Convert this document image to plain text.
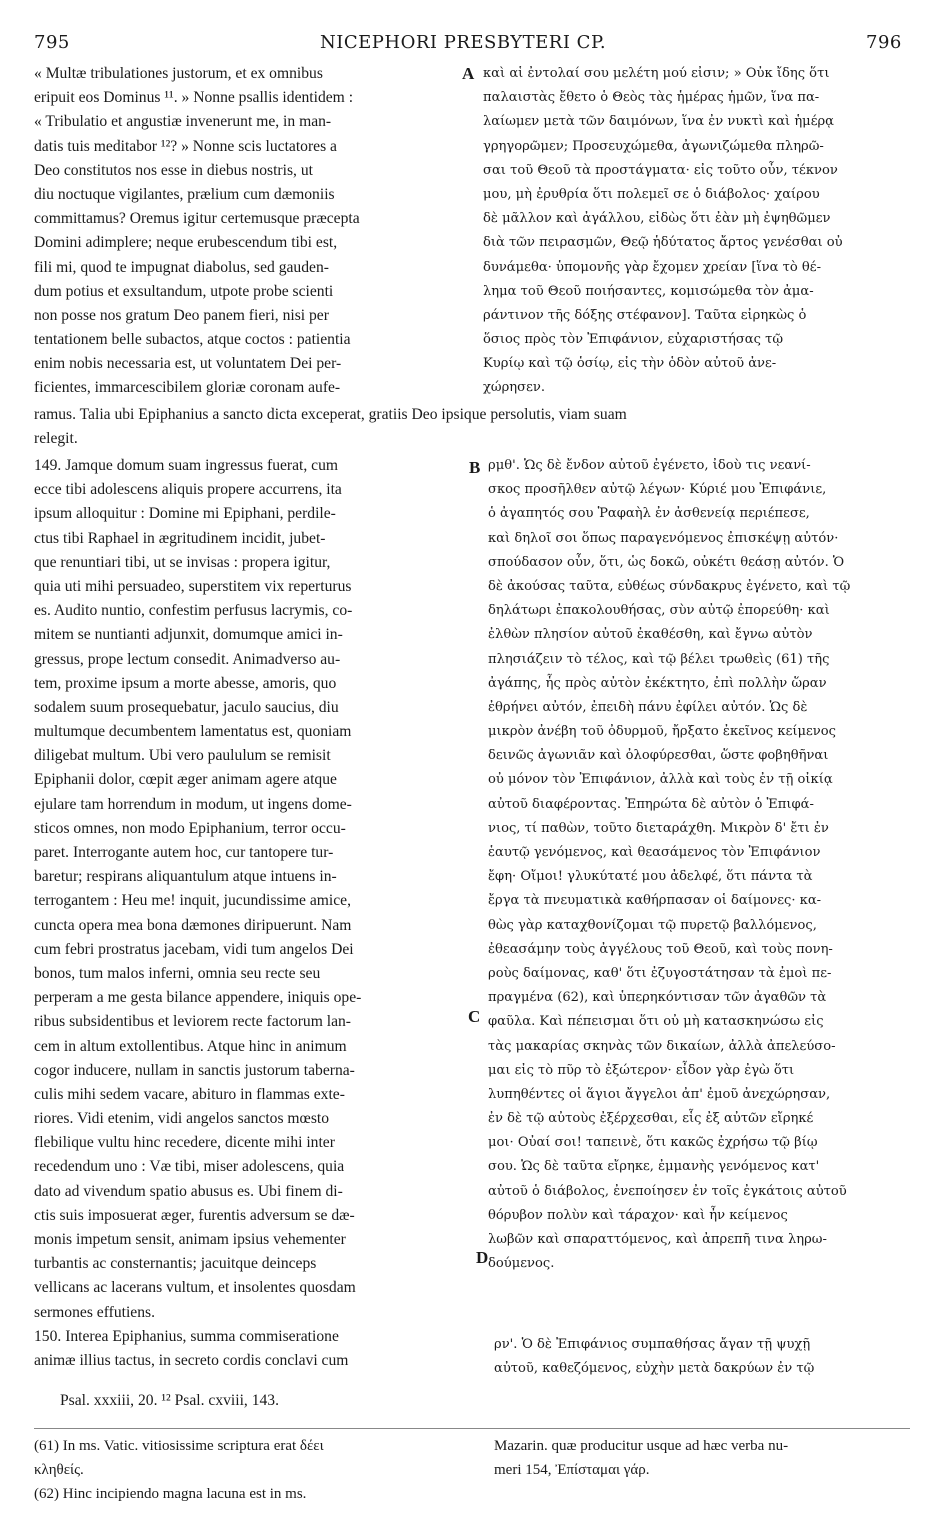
795	NICEPHORI PRESBYTERI CP.	796
A
B
C
D
« Multæ tribulationes justorum, et ex omnibus
eripuit eos Dominus ¹¹. » Nonne psallis identidem :
« Tribulatio et angustiæ invenerunt me, in man-
datis tuis meditabor ¹²? » Nonne scis luctatores a
Deo constitutos nos esse in diebus nostris, ut
diu noctuque vigilantes, prælium cum dæmoniis
committamus? Oremus igitur certemusque præcepta
Domini adimplere; neque erubescendum tibi est,
fili mi, quod te impugnat diabolus, sed gauden-
dum potius et exsultandum, utpote probe scienti
non posse nos gratum Deo panem fieri, nisi per
tentationem belle subactos, atque coctos : patientia
enim nobis necessaria est, ut voluntatem Dei per-
ficientes, immarcescibilem gloriæ coronam aufe-
καὶ αἱ ἐντολαί σου μελέτη μού εἰσιν; » Οὐκ ἴδης ὅτι
παλαιστὰς ἔθετο ὁ Θεὸς τὰς ἡμέρας ἡμῶν, ἵνα πα-
λαίωμεν μετὰ τῶν δαιμόνων, ἵνα ἐν νυκτὶ καὶ ἡμέρᾳ
γρηγορῶμεν; Προσευχώμεθα, ἀγωνιζώμεθα πληρῶ-
σαι τοῦ Θεοῦ τὰ προστάγματα· εἰς τοῦτο οὖν, τέκνον
μου, μὴ ἐρυθρία ὅτι πολεμεῖ σε ὁ διάβολος· χαίρου
δὲ μᾶλλον καὶ ἀγάλλου, εἰδὼς ὅτι ἐὰν μὴ ἐψηθῶμεν
διὰ τῶν πειρασμῶν, Θεῷ ἡδύτατος ἄρτος γενέσθαι οὐ
δυνάμεθα· ὑπομονῆς γὰρ ἔχομεν χρείαν [ἵνα τὸ θέ-
λημα τοῦ Θεοῦ ποιήσαντες, κομισώμεθα τὸν ἀμα-
ράντινον τῆς δόξης στέφανον]. Ταῦτα εἰρηκὼς ὁ
ὅσιος πρὸς τὸν Ἐπιφάνιον, εὐχαριστήσας τῷ
Κυρίῳ καὶ τῷ ὁσίῳ, εἰς τὴν ὁδὸν αὐτοῦ ἀνε-
χώρησεν.
ramus. Talia ubi Epiphanius a sancto dicta exceperat, gratiis Deo ipsique persolutis, viam suam
relegit.
149. Jamque domum suam ingressus fuerat, cum
ecce tibi adolescens aliquis propere accurrens, ita
ipsum alloquitur : Domine mi Epiphani, perdile-
ctus tibi Raphael in ægritudinem incidit, jubet-
que renuntiari tibi, ut se invisas : propera igitur,
quia uti mihi persuadeo, superstitem vix reperturus
es. Audito nuntio, confestim perfusus lacrymis, co-
mitem se nuntianti adjunxit, domumque amici in-
gressus, prope lectum consedit. Animadverso au-
tem, proxime ipsum a morte abesse, amoris, quo
sodalem suum prosequebatur, jaculo saucius, diu
multumque decumbentem lamentatus est, quoniam
diligebat multum. Ubi vero paululum se remisit
Epiphanii dolor, cœpit æger animam agere atque
ejulare tam horrendum in modum, ut ingens dome-
sticos omnes, non modo Epiphanium, terror occu-
paret. Interrogante autem hoc, cur tantopere tur-
baretur; respirans aliquantulum atque intuens in-
terrogantem : Heu me! inquit, jucundissime amice,
cuncta opera mea bona dæmones diripuerunt. Nam
cum febri prostratus jacebam, vidi tum angelos Dei
bonos, tum malos inferni, omnia seu recte seu
perperam a me gesta bilance appendere, iniquis ope-
ribus subsidentibus et leviorem recte factorum lan-
cem in altum extollentibus. Atque hinc in animum
cogor inducere, nullam in sanctis justorum taberna-
culis mihi sedem vacare, abituro in flammas exte-
riores. Vidi etenim, vidi angelos sanctos mœsto
flebilique vultu hinc recedere, dicente mihi inter
recedendum uno : Væ tibi, miser adolescens, quia
dato ad vivendum spatio abusus es. Ubi finem di-
ctis suis imposuerat æger, furentis adversum se dæ-
monis impetum sensit, animam ipsius vehementer
turbantis ac consternantis; jacuitque deinceps
vellicans ac lacerans vultum, et insolentes quosdam
sermones effutiens.
150. Interea Epiphanius, summa commiseratione
animæ illius tactus, in secreto cordis conclavi cum
ρμθ'. Ὡς δὲ ἔνδον αὐτοῦ ἐγένετο, ἰδοὺ τις νεανί-
σκος προσῆλθεν αὐτῷ λέγων· Κύριέ μου Ἐπιφάνιε,
ὁ ἀγαπητός σου Ῥαφαὴλ ἐν ἀσθενείᾳ περιέπεσε,
καὶ δηλοῖ σοι ὅπως παραγενόμενος ἐπισκέψῃ αὐτόν·
σπούδασον οὖν, ὅτι, ὡς δοκῶ, οὐκέτι θεάσῃ αὐτόν. Ὁ
δὲ ἀκούσας ταῦτα, εὐθέως σύνδακρυς ἐγένετο, καὶ τῷ
δηλάτωρι ἐπακολουθήσας, σὺν αὐτῷ ἐπορεύθη· καὶ
ἐλθὼν πλησίον αὐτοῦ ἐκαθέσθη, καὶ ἔγνω αὐτὸν
πλησιάζειν τὸ τέλος, καὶ τῷ βέλει τρωθεὶς (61) τῆς
ἀγάπης, ἧς πρὸς αὐτὸν ἐκέκτητο, ἐπὶ πολλὴν ὥραν
ἐθρήνει αὐτόν, ἐπειδὴ πάνυ ἐφίλει αὐτόν. Ὡς δὲ
μικρὸν ἀνέβη τοῦ ὀδυρμοῦ, ἤρξατο ἐκεῖνος κείμενος
δεινῶς ἀγωνιᾶν καὶ ὀλοφύρεσθαι, ὥστε φοβηθῆναι
οὐ μόνον τὸν Ἐπιφάνιον, ἀλλὰ καὶ τοὺς ἐν τῇ οἰκίᾳ
αὐτοῦ διαφέροντας. Ἐπηρώτα δὲ αὐτὸν ὁ Ἐπιφά-
νιος, τί παθὼν, τοῦτο διεταράχθη. Μικρὸν δ' ἔτι ἐν
ἑαυτῷ γενόμενος, καὶ θεασάμενος τὸν Ἐπιφάνιον
ἔφη· Οἴμοι! γλυκύτατέ μου ἀδελφέ, ὅτι πάντα τὰ
ἔργα τὰ πνευματικὰ καθήρπασαν οἱ δαίμονες· κα-
θὼς γὰρ καταχθονίζομαι τῷ πυρετῷ βαλλόμενος,
ἐθεασάμην τοὺς ἀγγέλους τοῦ Θεοῦ, καὶ τοὺς πονη-
ροὺς δαίμονας, καθ' ὅτι ἐζυγοστάτησαν τὰ ἐμοὶ πε-
πραγμένα (62), καὶ ὑπερηκόντισαν τῶν ἀγαθῶν τὰ
φαῦλα. Καὶ πέπεισμαι ὅτι οὐ μὴ κατασκηνώσω εἰς
τὰς μακαρίας σκηνὰς τῶν δικαίων, ἀλλὰ ἀπελεύσο-
μαι εἰς τὸ πῦρ τὸ ἐξώτερον· εἶδον γὰρ ἐγὼ ὅτι
λυπηθέντες οἱ ἅγιοι ἄγγελοι ἀπ' ἐμοῦ ἀνεχώρησαν,
ἐν δὲ τῷ αὐτοὺς ἐξέρχεσθαι, εἷς ἐξ αὐτῶν εἴρηκέ
μοι· Οὐαί σοι! ταπεινὲ, ὅτι κακῶς ἐχρήσω τῷ βίῳ
σου. Ὡς δὲ ταῦτα εἴρηκε, ἐμμανὴς γενόμενος κατ'
αὐτοῦ ὁ διάβολος, ἐνεποίησεν ἐν τοῖς ἐγκάτοις αὐτοῦ
θόρυβον πολὺν καὶ τάραχον· καὶ ἦν κείμενος
λωβῶν καὶ σπαραττόμενος, καὶ ἀπρεπῆ τινα ληρω-
δούμενος.
ρν'. Ὁ δὲ Ἐπιφάνιος συμπαθήσας ἄγαν τῇ ψυχῇ
αὐτοῦ, καθεζόμενος, εὐχὴν μετὰ δακρύων ἐν τῷ
Psal. xxxiii, 20. ¹² Psal. cxviii, 143.
(61) In ms. Vatic. vitiosissime scriptura erat δέει
κληθείς.
(62) Hinc incipiendo magna lacuna est in ms.
Mazarin. quæ producitur usque ad hæc verba nu-
meri 154, Ἐπίσταμαι γάρ.
